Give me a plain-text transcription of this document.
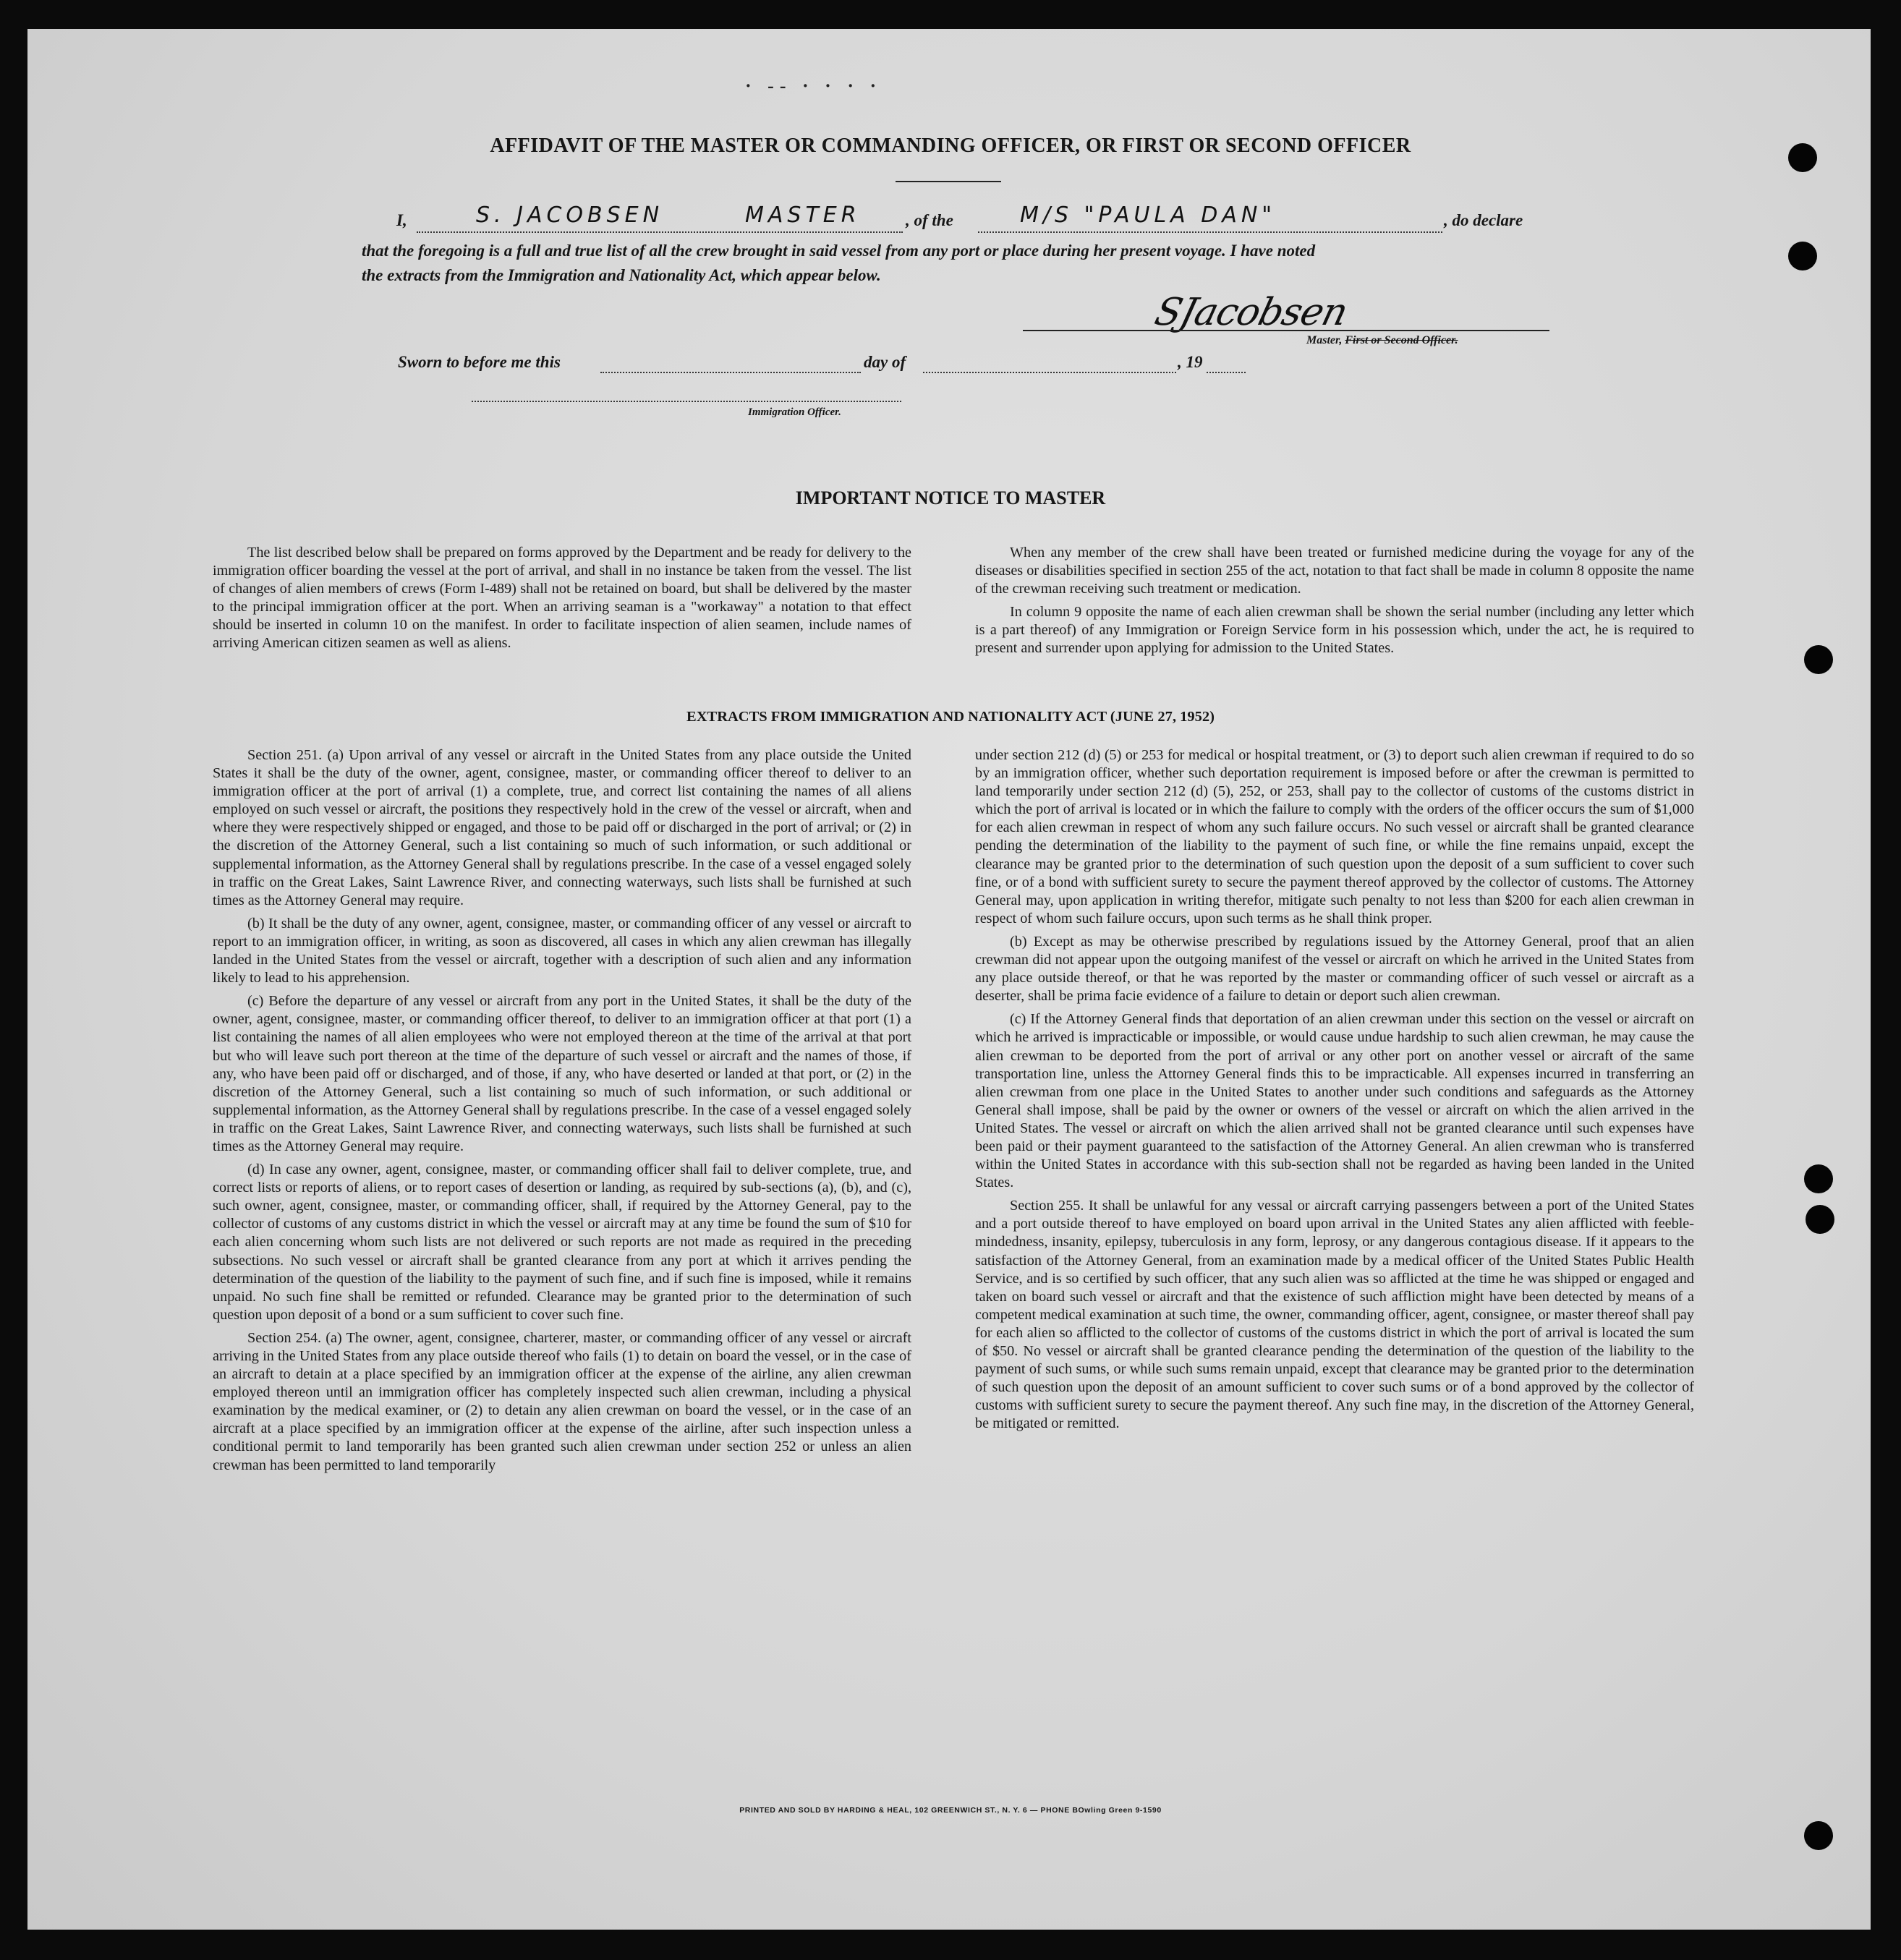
· -- · · · ·
AFFIDAVIT OF THE MASTER OR COMMANDING OFFICER, OR FIRST OR SECOND OFFICER
I,	S. JACOBSEN	MASTER	, of the	M/S "PAULA DAN"	, do declare
that the foregoing is a full and true list of all the crew brought in said vessel from any port or place during her present voyage. I have noted
the extracts from the Immigration and Nationality Act, which appear below.
SJacobsen
Master, First or Second Officer.
Sworn to before me this	day of	, 19
Immigration Officer.
IMPORTANT NOTICE TO MASTER

The list described below shall be prepared on forms approved by the Department and be ready for delivery to the immigration officer boarding the vessel at the port of arrival, and shall in no instance be taken from the vessel. The list of changes of alien members of crews (Form I-489) shall not be retained on board, but shall be delivered by the master to the principal immigration officer at the port. When an arriving seaman is a "workaway" a notation to that effect should be inserted in column 10 on the manifest. In order to facilitate inspection of alien seamen, include names of arriving American citizen seamen as well as aliens.

When any member of the crew shall have been treated or furnished medicine during the voyage for any of the diseases or disabilities specified in section 255 of the act, notation to that fact shall be made in column 8 opposite the name of the crewman receiving such treatment or medication.

In column 9 opposite the name of each alien crewman shall be shown the serial number (including any letter which is a part thereof) of any Immigration or Foreign Service form in his possession which, under the act, he is required to present and surrender upon applying for admission to the United States.

EXTRACTS FROM IMMIGRATION AND NATIONALITY ACT (JUNE 27, 1952)

Section 251. (a) Upon arrival of any vessel or aircraft in the United States from any place outside the United States it shall be the duty of the owner, agent, consignee, master, or commanding officer thereof to deliver to an immigration officer at the port of arrival (1) a complete, true, and correct list containing the names of all aliens employed on such vessel or aircraft, the positions they respectively hold in the crew of the vessel or aircraft, when and where they were respectively shipped or engaged, and those to be paid off or discharged in the port of arrival; or (2) in the discretion of the Attorney General, such a list containing so much of such information, or such additional or supplemental information, as the Attorney General shall by regulations prescribe. In the case of a vessel engaged solely in traffic on the Great Lakes, Saint Lawrence River, and connecting waterways, such lists shall be furnished at such times as the Attorney General may require.

(b) It shall be the duty of any owner, agent, consignee, master, or commanding officer of any vessel or aircraft to report to an immigration officer, in writing, as soon as discovered, all cases in which any alien crewman has illegally landed in the United States from the vessel or aircraft, together with a description of such alien and any information likely to lead to his apprehension.

(c) Before the departure of any vessel or aircraft from any port in the United States, it shall be the duty of the owner, agent, consignee, master, or commanding officer thereof, to deliver to an immigration officer at that port (1) a list containing the names of all alien employees who were not employed thereon at the time of the arrival at that port but who will leave such port thereon at the time of the departure of such vessel or aircraft and the names of those, if any, who have been paid off or discharged, and of those, if any, who have deserted or landed at that port, or (2) in the discretion of the Attorney General, such a list containing so much of such information, or such additional or supplemental information, as the Attorney General shall by regulations prescribe. In the case of a vessel engaged solely in traffic on the Great Lakes, Saint Lawrence River, and connecting waterways, such lists shall be furnished at such times as the Attorney General may require.

(d) In case any owner, agent, consignee, master, or commanding officer shall fail to deliver complete, true, and correct lists or reports of aliens, or to report cases of desertion or landing, as required by sub-sections (a), (b), and (c), such owner, agent, consignee, master, or commanding officer, shall, if required by the Attorney General, pay to the collector of customs of any customs district in which the vessel or aircraft may at any time be found the sum of $10 for each alien concerning whom such lists are not delivered or such reports are not made as required in the preceding subsections. No such vessel or aircraft shall be granted clearance from any port at which it arrives pending the determination of the question of the liability to the payment of such fine, and if such fine is imposed, while it remains unpaid. No such fine shall be remitted or refunded. Clearance may be granted prior to the determination of such question upon deposit of a bond or a sum sufficient to cover such fine.

Section 254. (a) The owner, agent, consignee, charterer, master, or commanding officer of any vessel or aircraft arriving in the United States from any place outside thereof who fails (1) to detain on board the vessel, or in the case of an aircraft to detain at a place specified by an immigration officer at the expense of the airline, any alien crewman employed thereon until an immigration officer has completely inspected such alien crewman, including a physical examination by the medical examiner, or (2) to detain any alien crewman on board the vessel, or in the case of an aircraft at a place specified by an immigration officer at the expense of the airline, after such inspection unless a conditional permit to land temporarily has been granted such alien crewman under section 252 or unless an alien crewman has been permitted to land temporarily

under section 212 (d) (5) or 253 for medical or hospital treatment, or (3) to deport such alien crewman if required to do so by an immigration officer, whether such deportation requirement is imposed before or after the crewman is permitted to land temporarily under section 212 (d) (5), 252, or 253, shall pay to the collector of customs of the customs district in which the port of arrival is located or in which the failure to comply with the orders of the officer occurs the sum of $1,000 for each alien crewman in respect of whom any such failure occurs. No such vessel or aircraft shall be granted clearance pending the determination of the liability to the payment of such fine, or while the fine remains unpaid, except the clearance may be granted prior to the determination of such question upon the deposit of a sum sufficient to cover such fine, or of a bond with sufficient surety to secure the payment thereof approved by the collector of customs. The Attorney General may, upon application in writing therefor, mitigate such penalty to not less than $200 for each alien crewman in respect of whom such failure occurs, upon such terms as he shall think proper.

(b) Except as may be otherwise prescribed by regulations issued by the Attorney General, proof that an alien crewman did not appear upon the outgoing manifest of the vessel or aircraft on which he arrived in the United States from any place outside thereof, or that he was reported by the master or commanding officer of such vessel or aircraft as a deserter, shall be prima facie evidence of a failure to detain or deport such alien crewman.

(c) If the Attorney General finds that deportation of an alien crewman under this section on the vessel or aircraft on which he arrived is impracticable or impossible, or would cause undue hardship to such alien crewman, he may cause the alien crewman to be deported from the port of arrival or any other port on another vessel or aircraft of the same transportation line, unless the Attorney General finds this to be impracticable. All expenses incurred in transferring an alien crewman from one place in the United States to another under such conditions and safeguards as the Attorney General shall impose, shall be paid by the owner or owners of the vessel or aircraft on which the alien arrived in the United States. The vessel or aircraft on which the alien arrived shall not be granted clearance until such expenses have been paid or their payment guaranteed to the satisfaction of the Attorney General. An alien crewman who is transferred within the United States in accordance with this sub-section shall not be regarded as having been landed in the United States.

Section 255. It shall be unlawful for any vessal or aircraft carrying passengers between a port of the United States and a port outside thereof to have employed on board upon arrival in the United States any alien afflicted with feeble-mindedness, insanity, epilepsy, tuberculosis in any form, leprosy, or any dangerous contagious disease. If it appears to the satisfaction of the Attorney General, from an examination made by a medical officer of the United States Public Health Service, and is so certified by such officer, that any such alien was so afflicted at the time he was shipped or engaged and taken on board such vessel or aircraft and that the existence of such affliction might have been detected by means of a competent medical examination at such time, the owner, commanding officer, agent, consignee, or master thereof shall pay for each alien so afflicted to the collector of customs of the customs district in which the port of arrival is located the sum of $50. No vessel or aircraft shall be granted clearance pending the determination of the question of the liability to the payment of such sums, or while such sums remain unpaid, except that clearance may be granted prior to the determination of such question upon the deposit of an amount sufficient to cover such sums or of a bond approved by the collector of customs with sufficient surety to secure the payment thereof. Any such fine may, in the discretion of the Attorney General, be mitigated or remitted.

PRINTED AND SOLD BY HARDING & HEAL, 102 GREENWICH ST., N. Y. 6 — PHONE BOwling Green 9-1590
